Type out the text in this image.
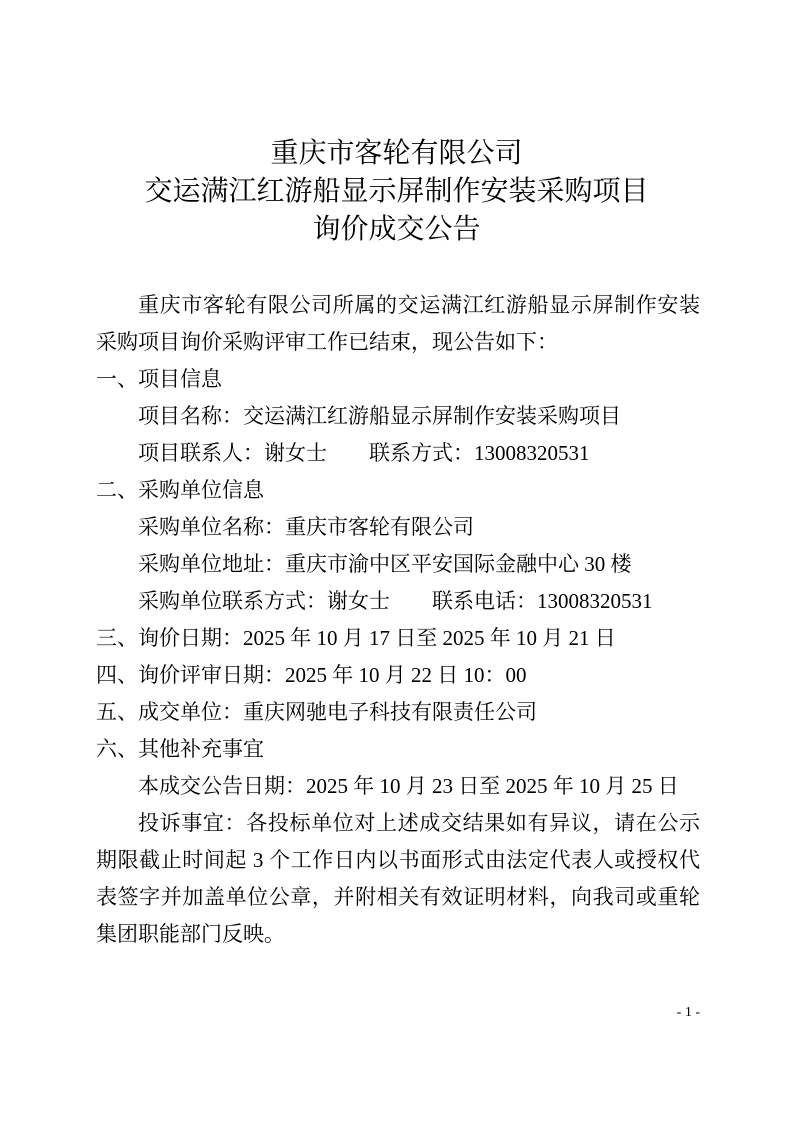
重庆市客轮有限公司
交运满江红游船显示屏制作安装采购项目
询价成交公告

重庆市客轮有限公司所属的交运满江红游船显示屏制作安装采购项目询价采购评审工作已结束，现公告如下：

一、项目信息

项目名称：交运满江红游船显示屏制作安装采购项目

项目联系人：谢女士　　联系方式：13008320531

二、采购单位信息

采购单位名称：重庆市客轮有限公司

采购单位地址：重庆市渝中区平安国际金融中心 30 楼

采购单位联系方式：谢女士　　联系电话：13008320531

三、询价日期：2025 年 10 月 17 日至 2025 年 10 月 21 日

四、询价评审日期：2025 年 10 月 22 日 10：00

五、成交单位：重庆网驰电子科技有限责任公司

六、其他补充事宜

本成交公告日期：2025 年 10 月 23 日至 2025 年 10 月 25 日

投诉事宜：各投标单位对上述成交结果如有异议，请在公示期限截止时间起 3 个工作日内以书面形式由法定代表人或授权代表签字并加盖单位公章，并附相关有效证明材料，向我司或重轮集团职能部门反映。

- 1 -
